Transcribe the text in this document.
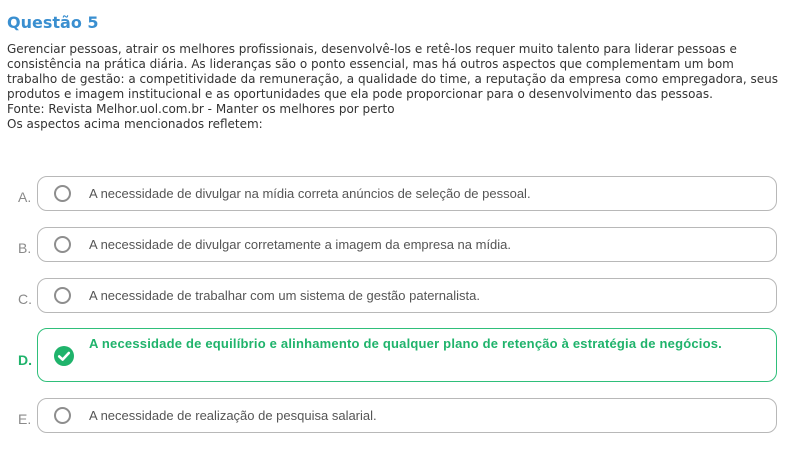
Questão 5
Gerenciar pessoas, atrair os melhores profissionais, desenvolvê-los e retê-los requer muito talento para liderar pessoas e
consistência na prática diária. As lideranças são o ponto essencial, mas há outros aspectos que complementam um bom
trabalho de gestão: a competitividade da remuneração, a qualidade do time, a reputação da empresa como empregadora, seus
produtos e imagem institucional e as oportunidades que ela pode proporcionar para o desenvolvimento das pessoas.
Fonte: Revista Melhor.uol.com.br - Manter os melhores por perto
Os aspectos acima mencionados refletem:
A.	A necessidade de divulgar na mídia correta anúncios de seleção de pessoal.
B.	A necessidade de divulgar corretamente a imagem da empresa na mídia.
C.	A necessidade de trabalhar com um sistema de gestão paternalista.
D.
A necessidade de equilíbrio e alinhamento de qualquer plano de retenção à estratégia de negócios.
E.	A necessidade de realização de pesquisa salarial.
